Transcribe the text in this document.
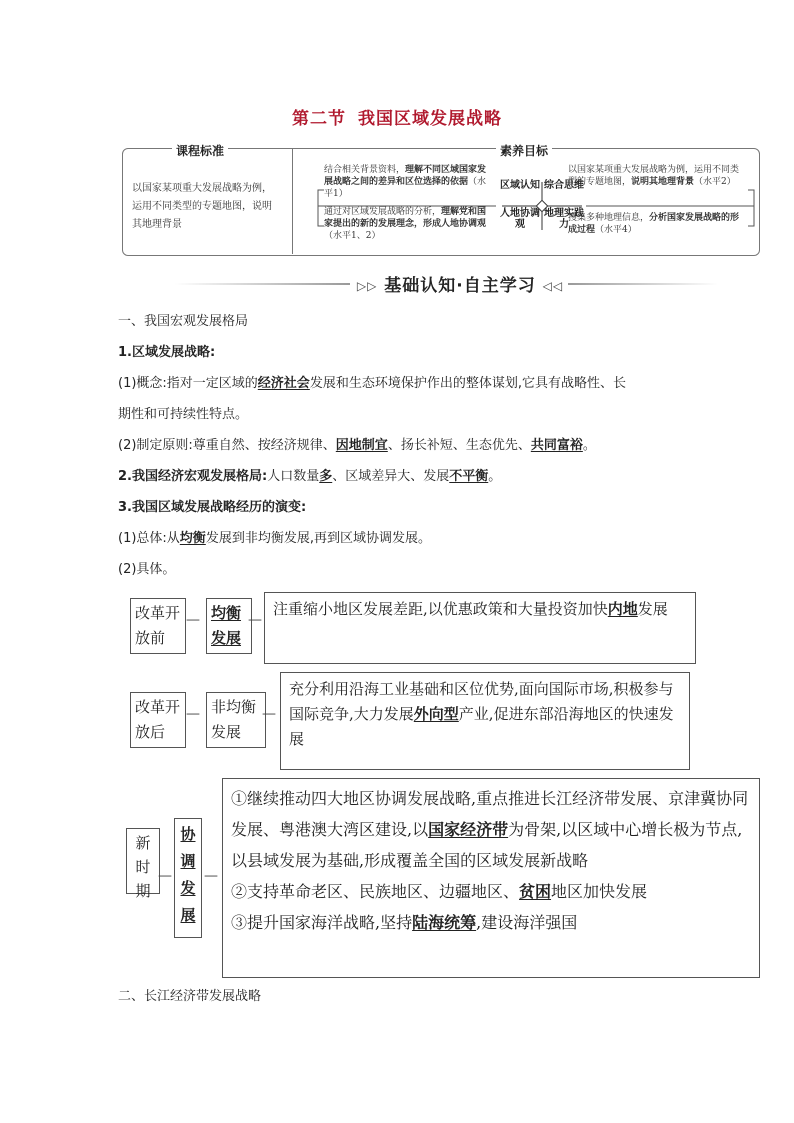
第二节 我国区域发展战略
课程标准	素养目标
以国家某项重大发展战略为例，运用不同类型的专题地图，说明其地理背景
结合相关背景资料，理解不同区域国家发展战略之间的差异和区位选择的依据（水平1）
通过对区域发展战略的分析，理解党和国家提出的新的发展理念，形成人地协调观（水平1、2）
区域认知 综合思维
人地协调观
地理实践力
以国家某项重大发展战略为例，运用不同类型的专题地图，说明其地理背景（水平2）
搜集多种地理信息，分析国家发展战略的形成过程（水平4）
▷▷ 基础认知·自主学习 ◁◁
一、我国宏观发展格局
1.区域发展战略:
(1)概念:指对一定区域的经济社会发展和生态环境保护作出的整体谋划,它具有战略性、长
期性和可持续性特点。
(2)制定原则:尊重自然、按经济规律、因地制宜、扬长补短、生态优先、共同富裕。
2.我国经济宏观发展格局:人口数量多、区域差异大、发展不平衡。
3.我国区域发展战略经历的演变:
(1)总体:从均衡发展到非均衡发展,再到区域协调发展。
(2)具体。
改革开放前
— 均衡发展
—
注重缩小地区发展差距,以优惠政策和大量投资加快内地发展
改革开放后
— 非均衡发展
—
充分利用沿海工业基础和区位优势,面向国际市场,积极参与国际竞争,大力发展外向型产业,促进东部沿海地区的快速发展
新时期
—
协调发展
—
①继续推动四大地区协调发展战略,重点推进长江经济带发展、京津冀协同发展、粤港澳大湾区建设,以国家经济带为骨架,以区域中心增长极为节点,以县域发展为基础,形成覆盖全国的区域发展新战略
②支持革命老区、民族地区、边疆地区、贫困地区加快发展
③提升国家海洋战略,坚持陆海统筹,建设海洋强国
二、长江经济带发展战略
